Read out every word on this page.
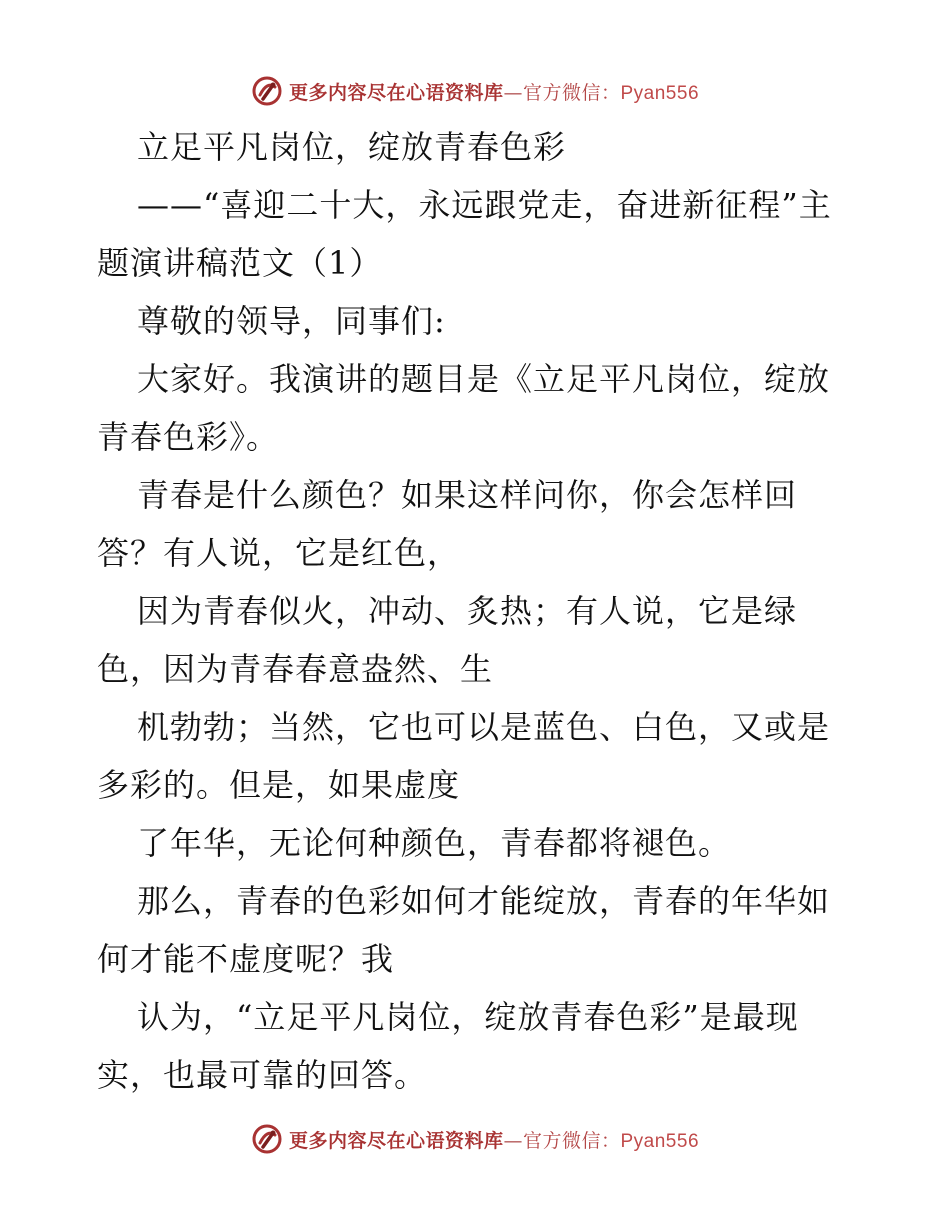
更多内容尽在心语资料库—官方微信：Pyan556

立足平凡岗位，绽放青春色彩

——“喜迎二十大，永远跟党走，奋进新征程”主题演讲稿范文（1）

尊敬的领导，同事们:

大家好。我演讲的题目是《立足平凡岗位，绽放青春色彩》。

青春是什么颜色？如果这样问你，你会怎样回答？有人说，它是红色，

因为青春似火，冲动、炙热；有人说，它是绿色，因为青春春意盎然、生

机勃勃；当然，它也可以是蓝色、白色，又或是多彩的。但是，如果虚度

了年华，无论何种颜色，青春都将褪色。

那么，青春的色彩如何才能绽放，青春的年华如何才能不虚度呢？我

认为，“立足平凡岗位，绽放青春色彩”是最现实，也最可靠的回答。

更多内容尽在心语资料库—官方微信：Pyan556
